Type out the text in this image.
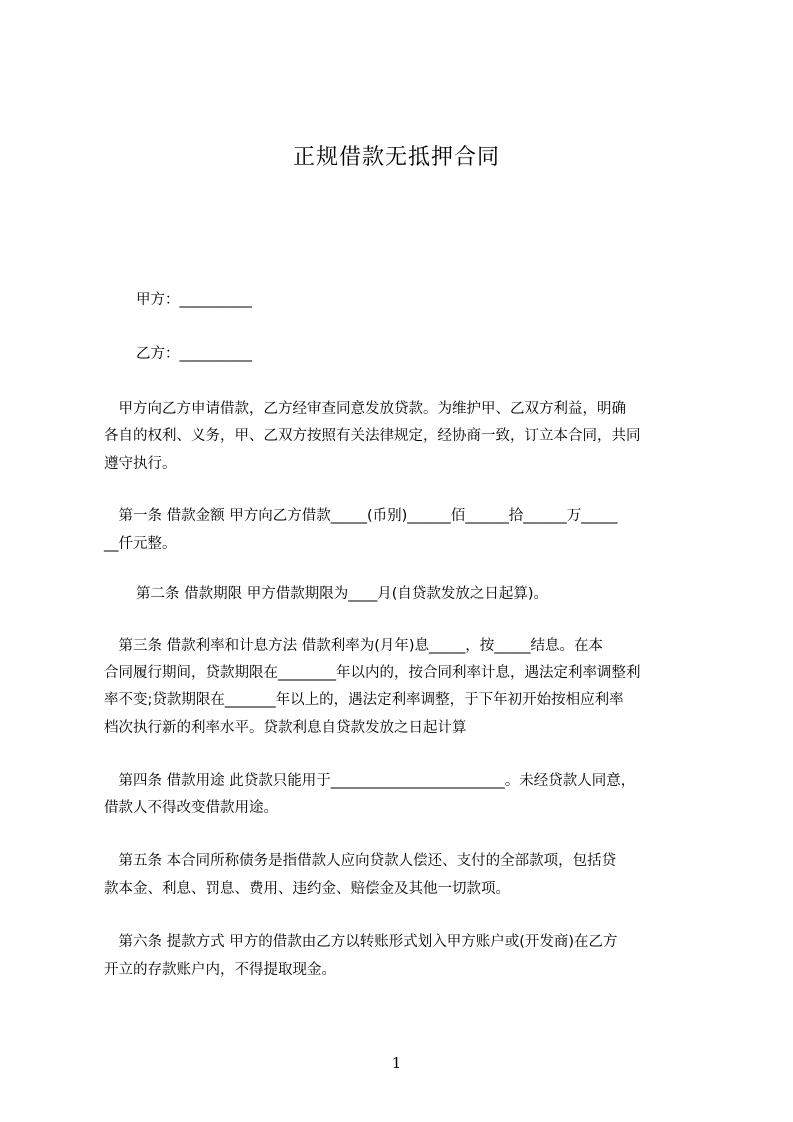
正规借款无抵押合同
甲方：__________
乙方：__________
　甲方向乙方申请借款，乙方经审查同意发放贷款。为维护甲、乙双方利益，明确
各自的权利、义务，甲、乙双方按照有关法律规定，经协商一致，订立本合同，共同
遵守执行。
　第一条 借款金额 甲方向乙方借款_____(币别)______佰______拾______万_____
__仟元整。
第二条 借款期限 甲方借款期限为____月(自贷款发放之日起算)。
　第三条 借款利率和计息方法 借款利率为(月年)息_____，按_____结息。在本
合同履行期间，贷款期限在________年以内的，按合同利率计息，遇法定利率调整利
率不变;贷款期限在_______年以上的，遇法定利率调整，于下年初开始按相应利率
档次执行新的利率水平。贷款利息自贷款发放之日起计算
　第四条 借款用途 此贷款只能用于________________________。未经贷款人同意，
借款人不得改变借款用途。
　第五条 本合同所称债务是指借款人应向贷款人偿还、支付的全部款项，包括贷
款本金、利息、罚息、费用、违约金、赔偿金及其他一切款项。
　第六条 提款方式 甲方的借款由乙方以转账形式划入甲方账户或(开发商)在乙方
开立的存款账户内，不得提取现金。
1
